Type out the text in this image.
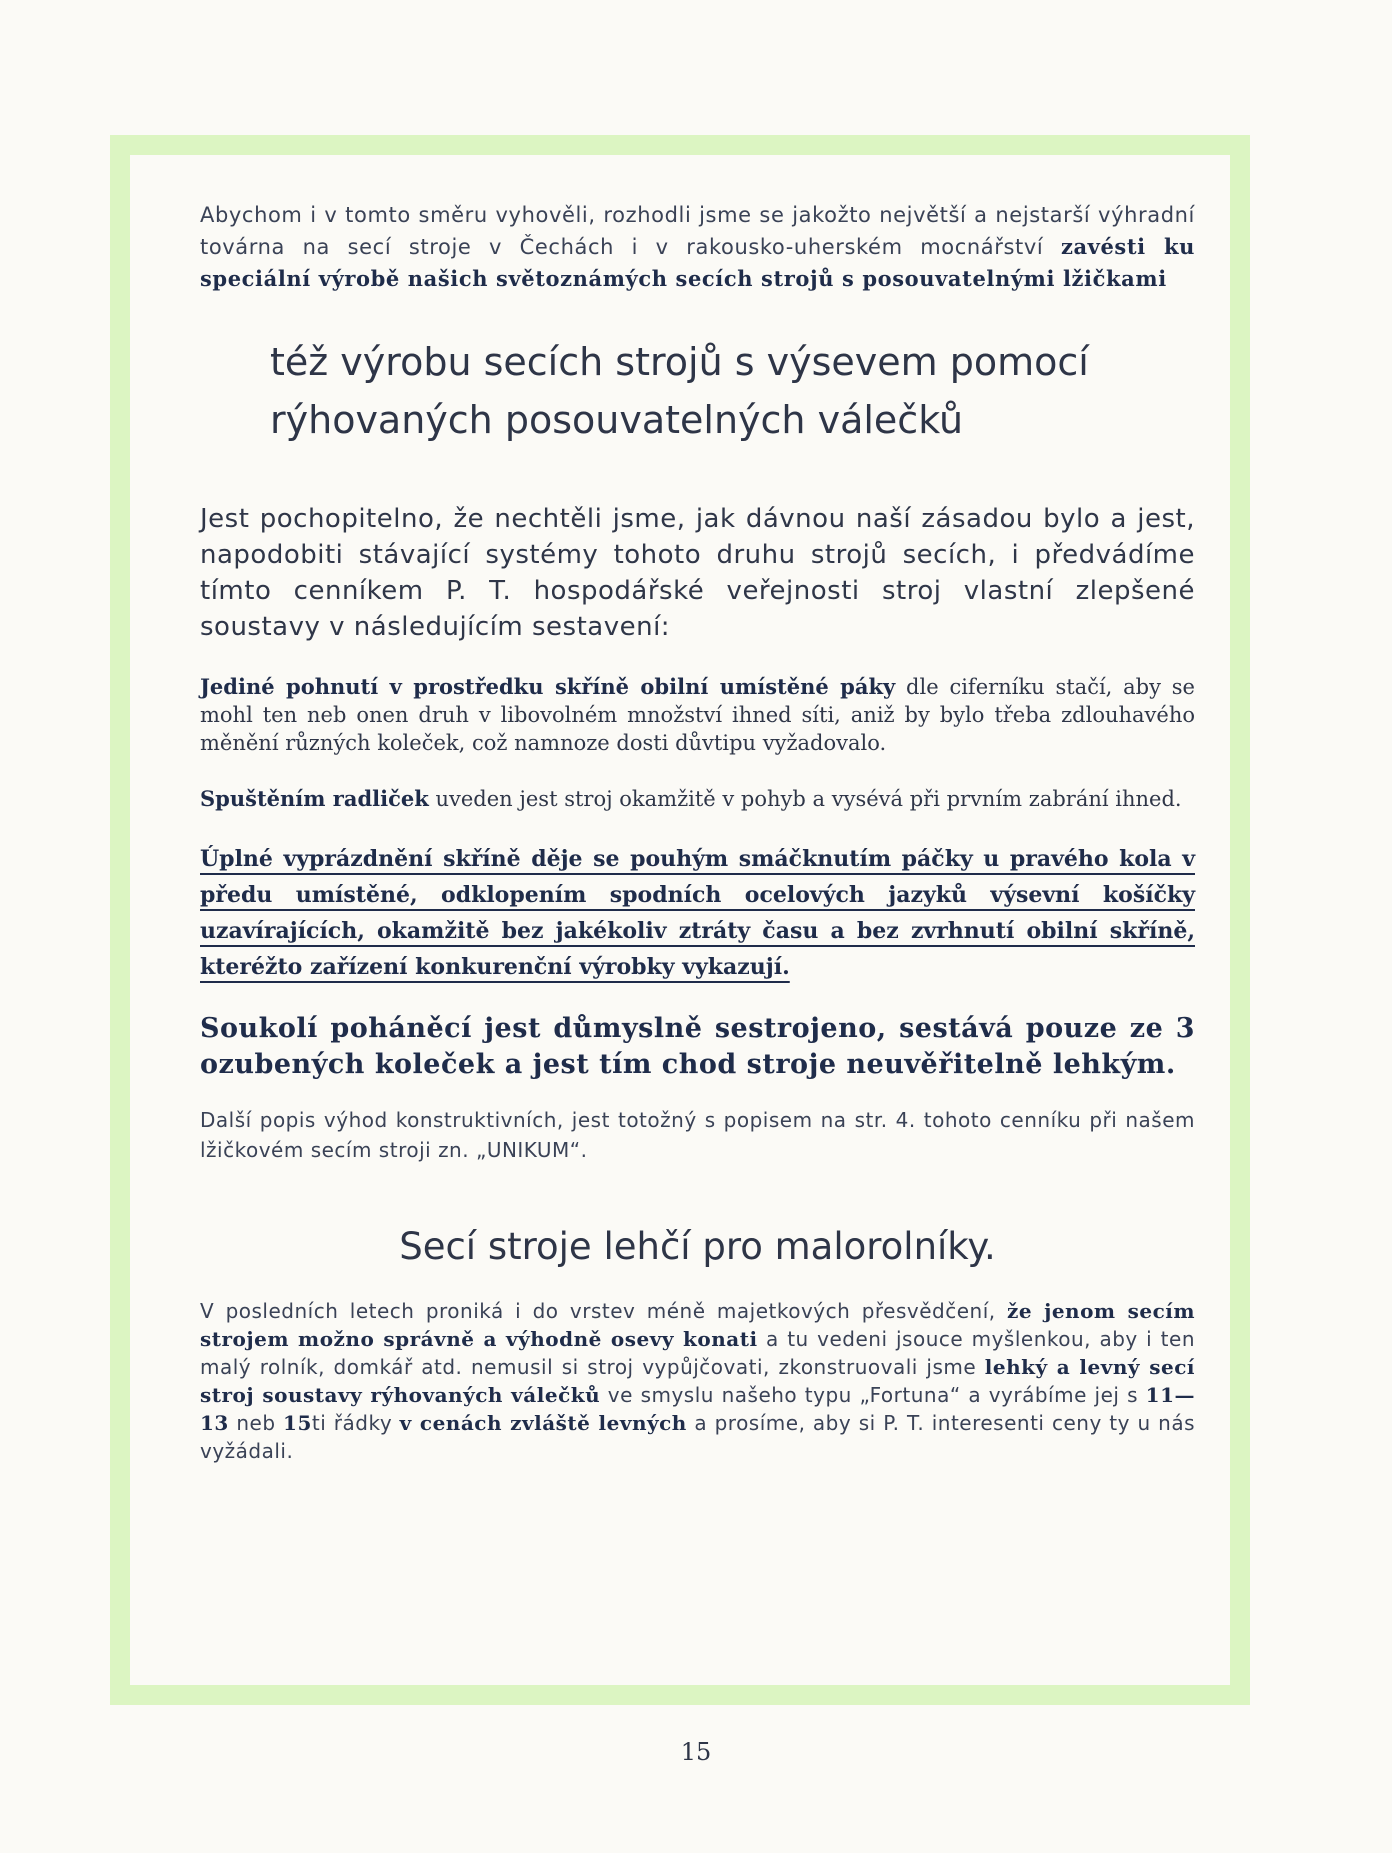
Abychom i v tomto směru vyhověli, rozhodli jsme se jakožto největší a nejstarší výhradní továrna na secí stroje v Čechách i v rakousko-uherském mocnářství zavésti ku speciální výrobě našich světoznámých secích strojů s posouvatelnými lžičkami

též výrobu secích strojů s výsevem pomocí rýhovaných posouvatelných válečků

Jest pochopitelno, že nechtěli jsme, jak dávnou naší zásadou bylo a jest, napodobiti stávající systémy tohoto druhu strojů secích, i předvádíme tímto cenníkem P. T. hospodářské veřejnosti stroj vlastní zlepšené soustavy v následujícím sestavení:

Jediné pohnutí v prostředku skříně obilní umístěné páky dle ciferníku stačí, aby se mohl ten neb onen druh v libovolném množství ihned síti, aniž by bylo třeba zdlouhavého měnění různých koleček, což namnoze dosti důvtipu vyžadovalo.

Spuštěním radliček uveden jest stroj okamžitě v pohyb a vysévá při prvním zabrání ihned.

Úplné vyprázdnění skříně děje se pouhým smáčknutím páčky u pravého kola v předu umístěné, odklopením spodních ocelových jazyků výsevní košíčky uzavírajících, okamžitě bez jakékoliv ztráty času a bez zvrhnutí obilní skříně, kteréžto zařízení konkurenční výrobky vykazují.

Soukolí poháněcí jest důmyslně sestrojeno, sestává pouze ze 3 ozubených koleček a jest tím chod stroje neuvěřitelně lehkým.

Další popis výhod konstruktivních, jest totožný s popisem na str. 4. tohoto cenníku při našem lžičkovém secím stroji zn. „UNIKUM“.

Secí stroje lehčí pro malorolníky.

V posledních letech proniká i do vrstev méně majetkových přesvědčení, že jenom secím strojem možno správně a výhodně osevy konati a tu vedeni jsouce myšlenkou, aby i ten malý rolník, domkář atd. nemusil si stroj vypůjčovati, zkonstruovali jsme lehký a levný secí stroj soustavy rýhovaných válečků ve smyslu našeho typu „Fortuna“ a vyrábíme jej s 11—13 neb 15ti řádky v cenách zvláště levných a prosíme, aby si P. T. interesenti ceny ty u nás vyžádali.

15
